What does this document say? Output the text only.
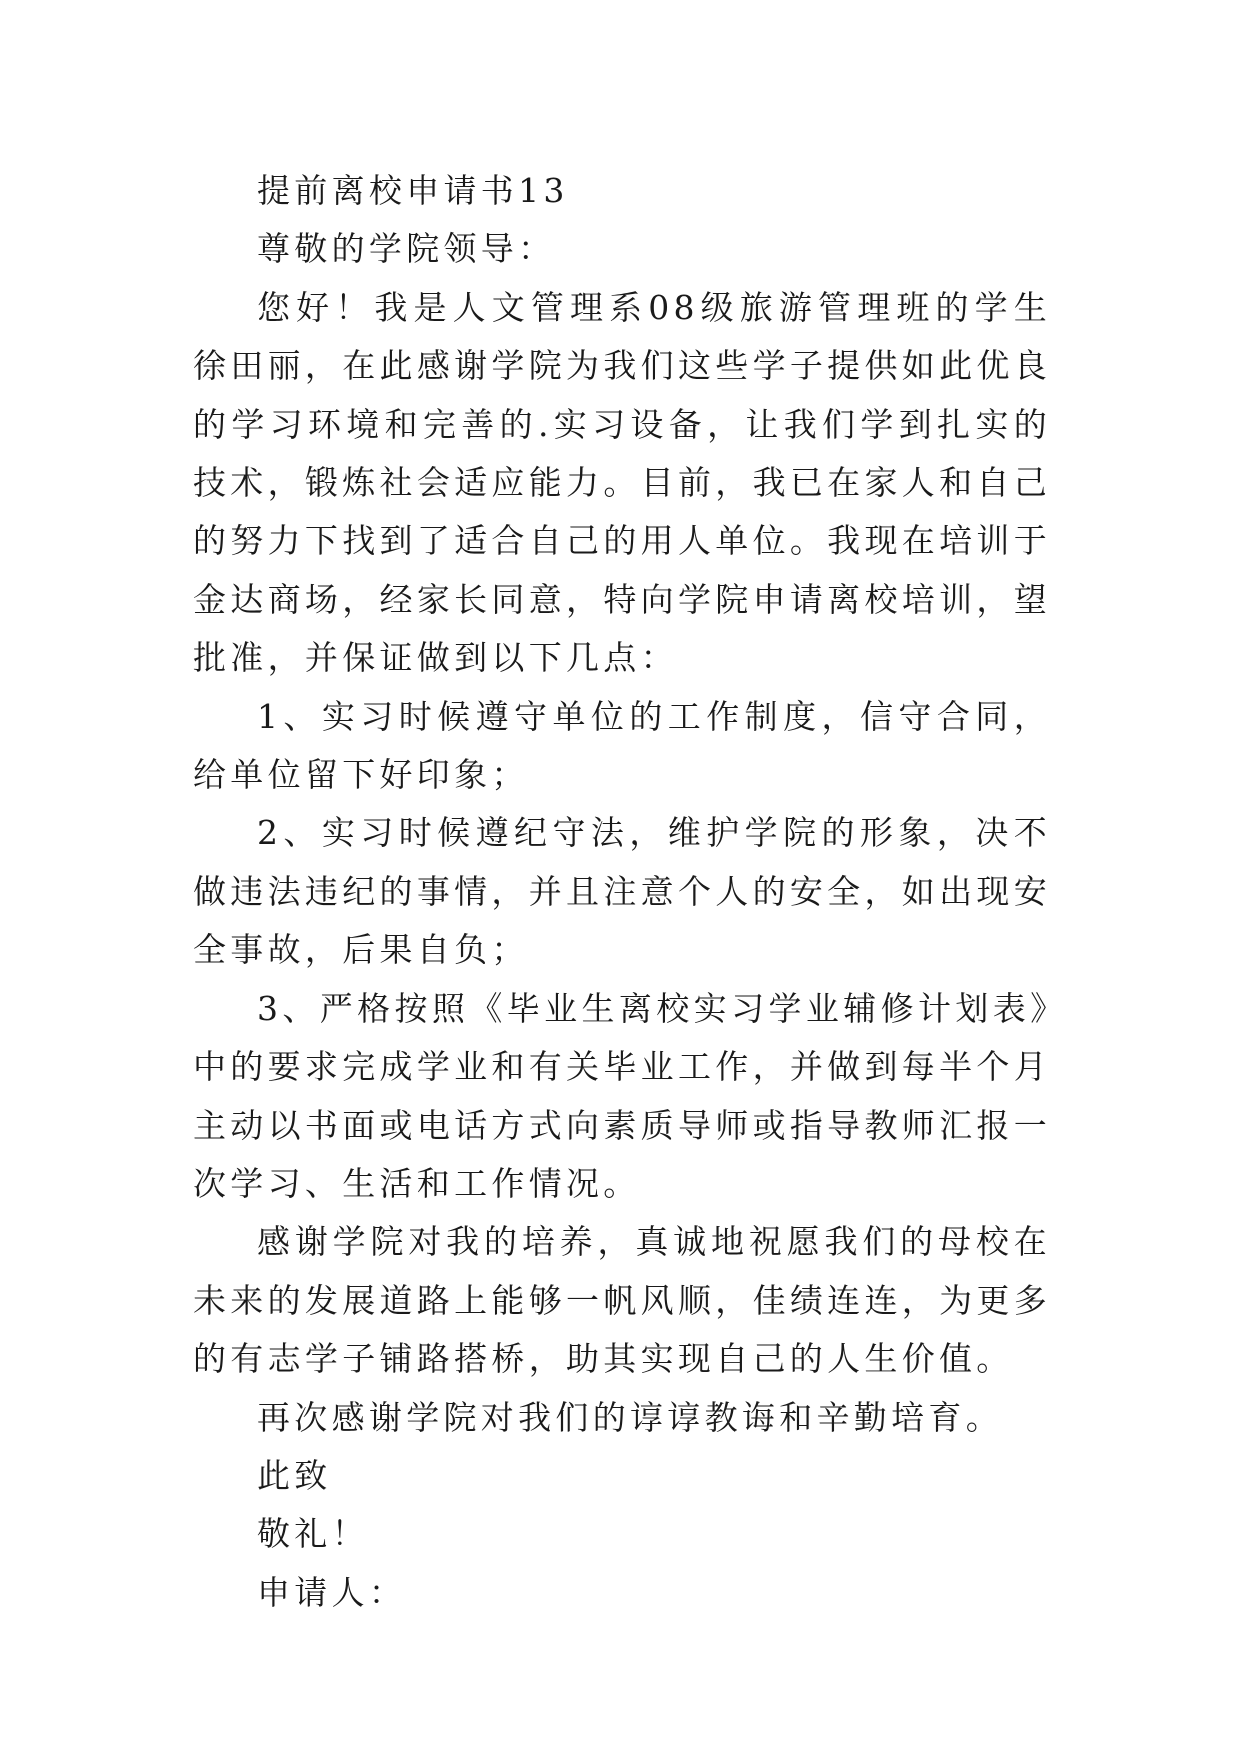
提前离校申请书13

尊敬的学院领导：

您好！我是人文管理系08级旅游管理班的学生徐田丽，在此感谢学院为我们这些学子提供如此优良的学习环境和完善的.实习设备，让我们学到扎实的技术，锻炼社会适应能力。目前，我已在家人和自己的努力下找到了适合自己的用人单位。我现在培训于金达商场，经家长同意，特向学院申请离校培训，望批准，并保证做到以下几点：

1、实习时候遵守单位的工作制度，信守合同，给单位留下好印象；

2、实习时候遵纪守法，维护学院的形象，决不做违法违纪的事情，并且注意个人的安全，如出现安全事故，后果自负；

3、严格按照《毕业生离校实习学业辅修计划表》中的要求完成学业和有关毕业工作，并做到每半个月主动以书面或电话方式向素质导师或指导教师汇报一次学习、生活和工作情况。

感谢学院对我的培养，真诚地祝愿我们的母校在未来的发展道路上能够一帆风顺，佳绩连连，为更多的有志学子铺路搭桥，助其实现自己的人生价值。

再次感谢学院对我们的谆谆教诲和辛勤培育。

此致

敬礼！

申请人：
